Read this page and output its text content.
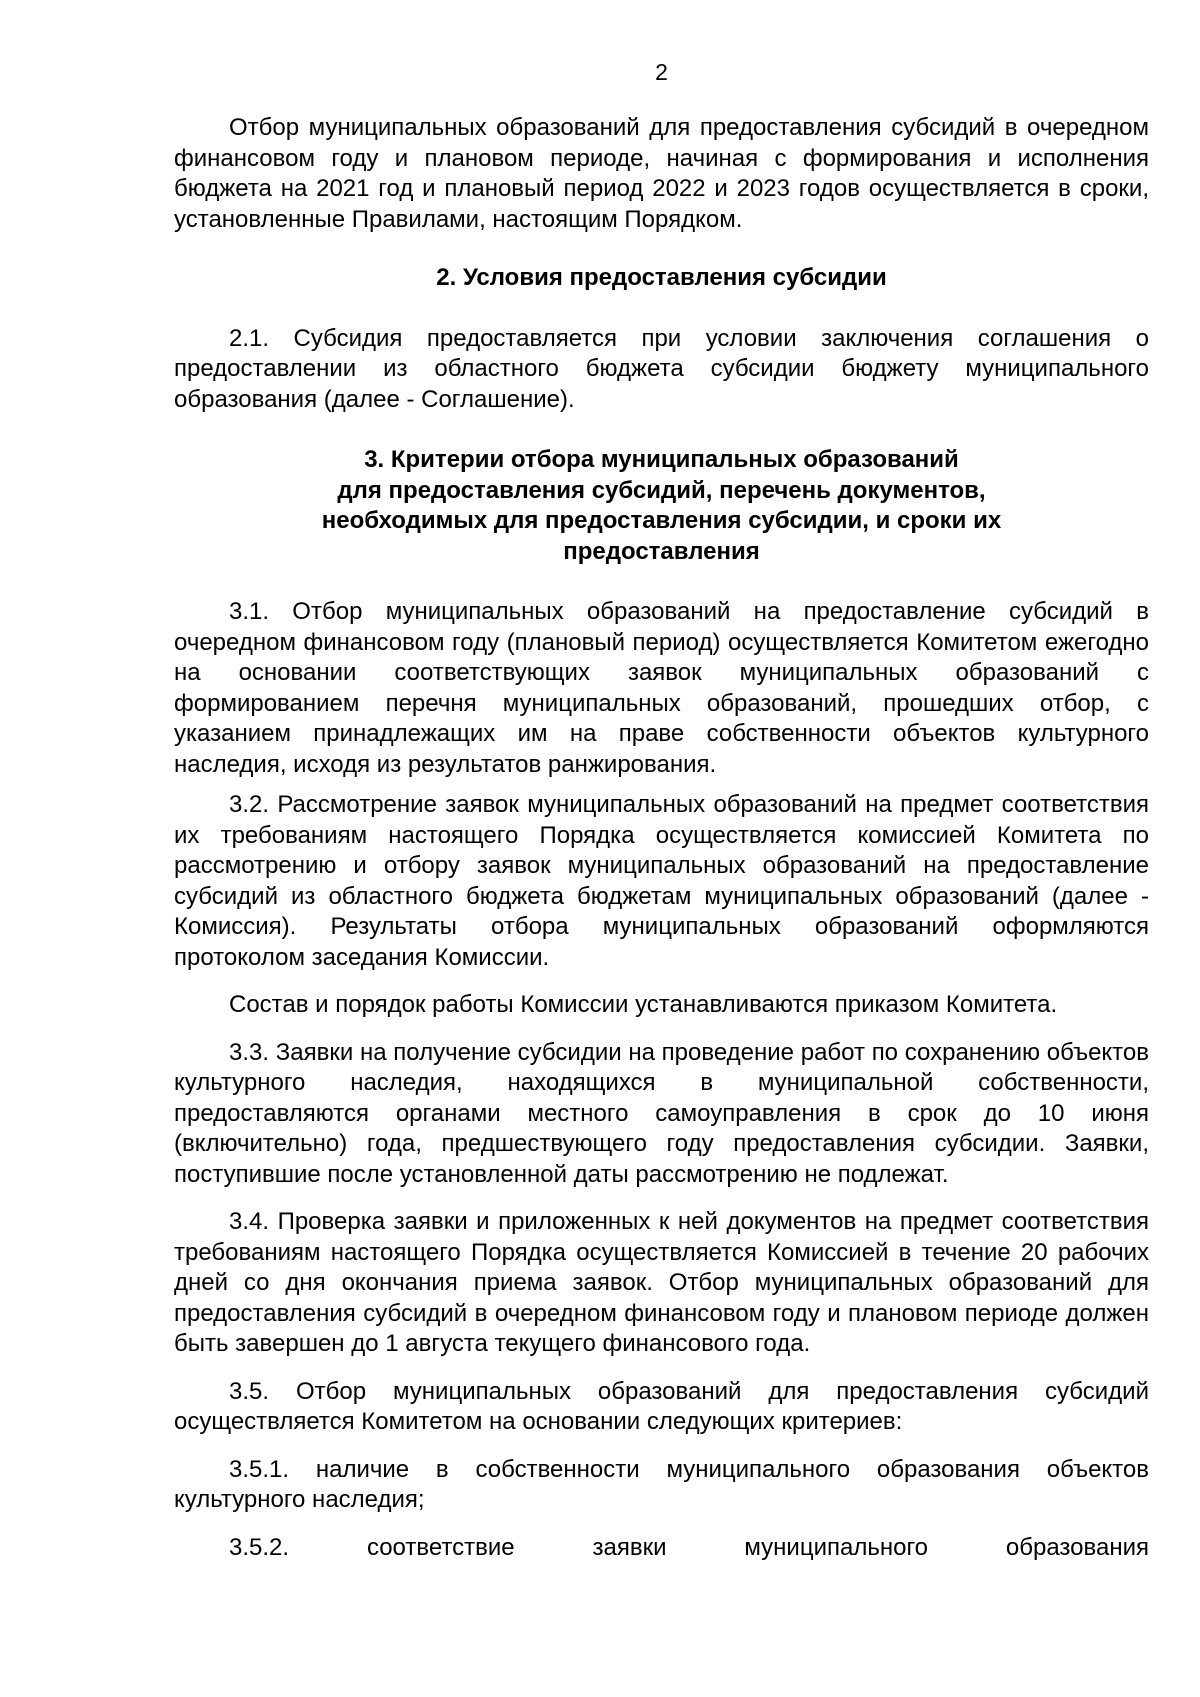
2

Отбор муниципальных образований для предоставления субсидий в очередном финансовом году и плановом периоде, начиная с формирования и исполнения бюджета на 2021 год и плановый период 2022 и 2023 годов осуществляется в сроки, установленные Правилами, настоящим Порядком.

2. Условия предоставления субсидии

2.1. Субсидия предоставляется при условии заключения соглашения о предоставлении из областного бюджета субсидии бюджету муниципального образования (далее - Соглашение).

3. Критерии отбора муниципальных образований
для предоставления субсидий, перечень документов,
необходимых для предоставления субсидии, и сроки их
предоставления

3.1. Отбор муниципальных образований на предоставление субсидий в очередном финансовом году (плановый период) осуществляется Комитетом ежегодно на основании соответствующих заявок муниципальных образований с формированием перечня муниципальных образований, прошедших отбор, с указанием принадлежащих им на праве собственности объектов культурного наследия, исходя из результатов ранжирования.

3.2. Рассмотрение заявок муниципальных образований на предмет соответствия их требованиям настоящего Порядка осуществляется комиссией Комитета по рассмотрению и отбору заявок муниципальных образований на предоставление субсидий из областного бюджета бюджетам муниципальных образований (далее - Комиссия). Результаты отбора муниципальных образований оформляются протоколом заседания Комиссии.

Состав и порядок работы Комиссии устанавливаются приказом Комитета.

3.3. Заявки на получение субсидии на проведение работ по сохранению объектов культурного наследия, находящихся в муниципальной собственности, предоставляются органами местного самоуправления в срок до 10 июня (включительно) года, предшествующего году предоставления субсидии. Заявки, поступившие после установленной даты рассмотрению не подлежат.

3.4. Проверка заявки и приложенных к ней документов на предмет соответствия требованиям настоящего Порядка осуществляется Комиссией в течение 20 рабочих дней со дня окончания приема заявок. Отбор муниципальных образований для предоставления субсидий в очередном финансовом году и плановом периоде должен быть завершен до 1 августа текущего финансового года.

3.5. Отбор муниципальных образований для предоставления субсидий осуществляется Комитетом на основании следующих критериев:

3.5.1. наличие в собственности муниципального образования объектов культурного наследия;

3.5.2. соответствие заявки муниципального образования
